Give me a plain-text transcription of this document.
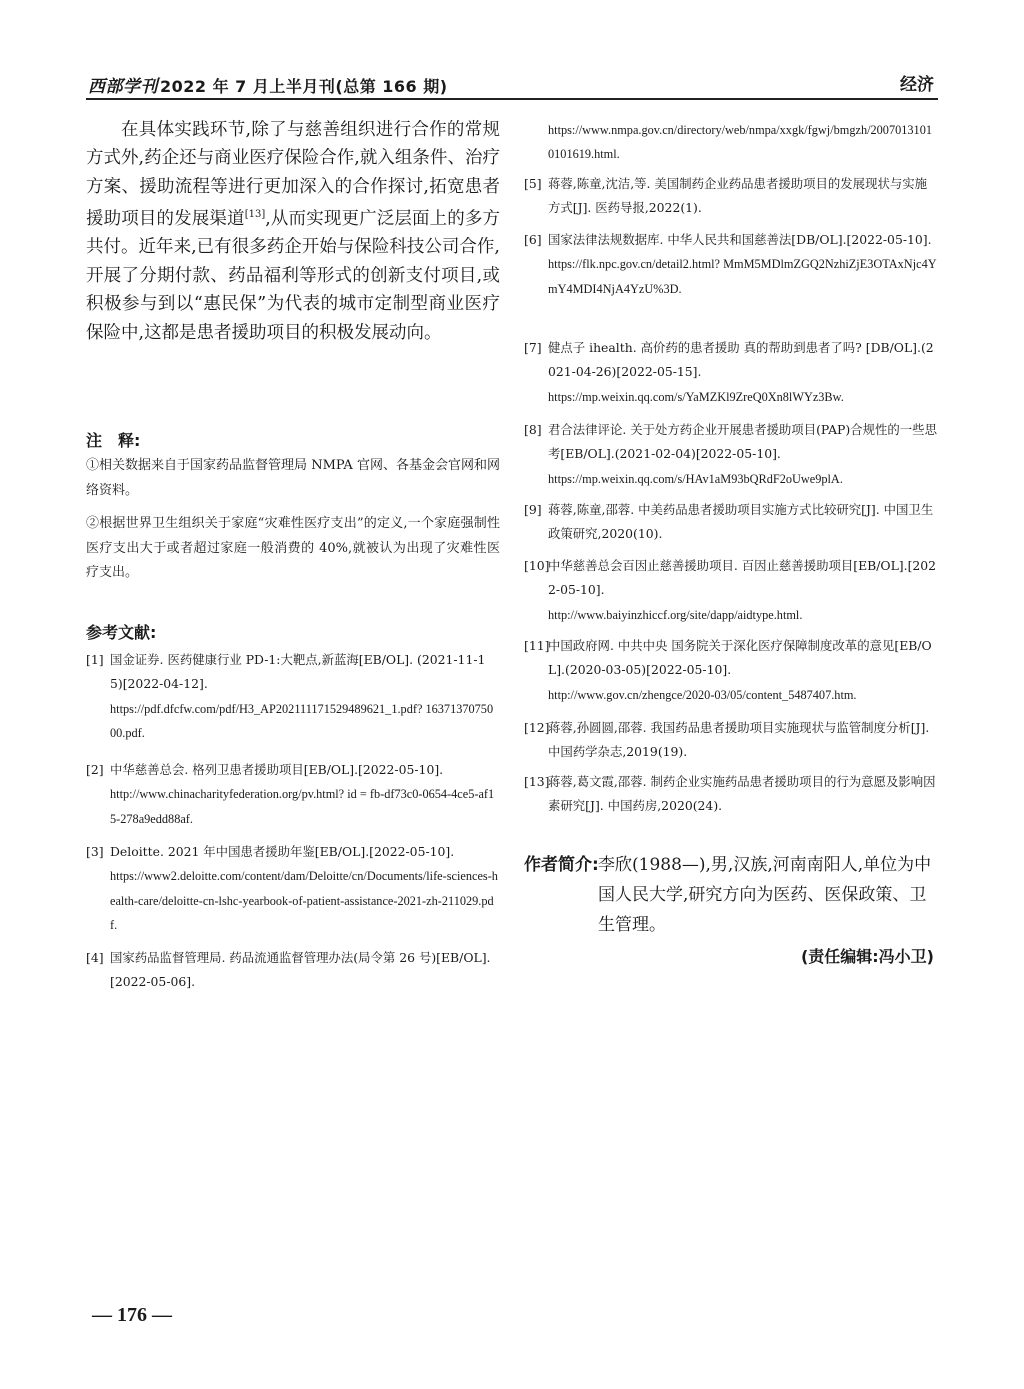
西部学刊 2022 年 7 月上半月刊(总第 166 期)	经济
在具体实践环节,除了与慈善组织进行合作的常规方式外,药企还与商业医疗保险合作,就入组条件、治疗方案、援助流程等进行更加深入的合作探讨,拓宽患者援助项目的发展渠道[13],从而实现更广泛层面上的多方共付。近年来,已有很多药企开始与保险科技公司合作,开展了分期付款、药品福利等形式的创新支付项目,或积极参与到以“惠民保”为代表的城市定制型商业医疗保险中,这都是患者援助项目的积极发展动向。
注　释:
①相关数据来自于国家药品监督管理局 NMPA 官网、各基金会官网和网络资料。
②根据世界卫生组织关于家庭“灾难性医疗支出”的定义,一个家庭强制性医疗支出大于或者超过家庭一般消费的 40%,就被认为出现了灾难性医疗支出。
参考文献:
[1] 国金证券. 医药健康行业 PD-1:大靶点,新蓝海[EB/OL]. (2021-11-15)[2022-04-12].
https://pdf.dfcfw.com/pdf/H3_AP202111171529489621_1.pdf? 1637137075000.pdf.
[2] 中华慈善总会. 格列卫患者援助项目[EB/OL].[2022-05-10].
http://www.chinacharityfederation.org/pv.html? id = fb-df73c0-0654-4ce5-af15-278a9edd88af.
[3] Deloitte. 2021 年中国患者援助年鉴[EB/OL].[2022-05-10].
https://www2.deloitte.com/content/dam/Deloitte/cn/Documents/life-sciences-health-care/deloitte-cn-lshc-yearbook-of-patient-assistance-2021-zh-211029.pdf.
[4] 国家药品监督管理局. 药品流通监督管理办法(局令第 26 号)[EB/OL].[2022-05-06].
https://www.nmpa.gov.cn/directory/web/nmpa/xxgk/fgwj/bmgzh/20070131010101619.html.
[5] 蒋蓉,陈童,沈洁,等. 美国制药企业药品患者援助项目的发展现状与实施方式[J]. 医药导报,2022(1).
[6] 国家法律法规数据库. 中华人民共和国慈善法[DB/OL].[2022-05-10].
https://flk.npc.gov.cn/detail2.html? MmM5MDlmZGQ2NzhiZjE3OTAxNjc4YmY4MDI4NjA4YzU%3D.
[7] 健点子 ihealth. 高价药的患者援助 真的帮助到患者了吗? [DB/OL].(2021-04-26)[2022-05-15].
https://mp.weixin.qq.com/s/YaMZKl9ZreQ0Xn8lWYz3Bw.
[8] 君合法律评论. 关于处方药企业开展患者援助项目(PAP)合规性的一些思考[EB/OL].(2021-02-04)[2022-05-10].
https://mp.weixin.qq.com/s/HAv1aM93bQRdF2oUwe9plA.
[9] 蒋蓉,陈童,邵蓉. 中美药品患者援助项目实施方式比较研究[J]. 中国卫生政策研究,2020(10).
[10]
中华慈善总会百因止慈善援助项目. 百因止慈善援助项目[EB/OL].[2022-05-10].
http://www.baiyinzhiccf.org/site/dapp/aidtype.html.
[11]
中国政府网. 中共中央 国务院关于深化医疗保障制度改革的意见[EB/OL].(2020-03-05)[2022-05-10].
http://www.gov.cn/zhengce/2020-03/05/content_5487407.htm.
[12]
蒋蓉,孙圆圆,邵蓉. 我国药品患者援助项目实施现状与监管制度分析[J]. 中国药学杂志,2019(19).
[13]
蒋蓉,葛文霞,邵蓉. 制药企业实施药品患者援助项目的行为意愿及影响因素研究[J]. 中国药房,2020(24).
作者简介: 李欣(1988—),男,汉族,河南南阳人,单位为中国人民大学,研究方向为医药、医保政策、卫生管理。
(责任编辑:冯小卫)
— 176 —
